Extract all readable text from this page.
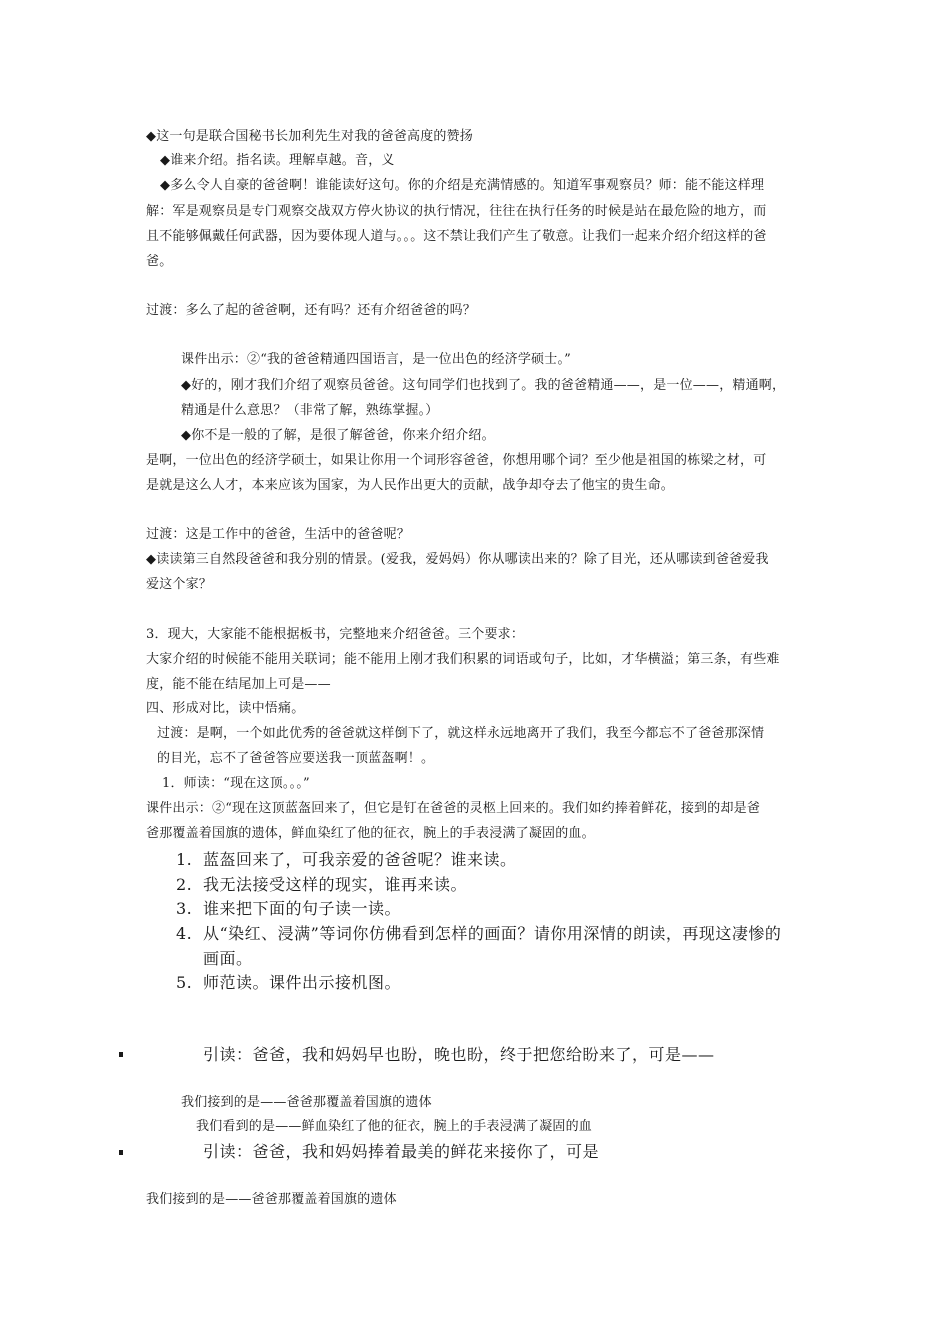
◆这一句是联合国秘书长加利先生对我的爸爸高度的赞扬
◆谁来介绍。指名读。理解卓越。音，义
◆多么令人自豪的爸爸啊！谁能读好这句。你的介绍是充满情感的。知道军事观察员？师：能不能这样理
解：军是观察员是专门观察交战双方停火协议的执行情况，往往在执行任务的时候是站在最危险的地方，而
且不能够佩戴任何武器，因为要体现人道与。。。这不禁让我们产生了敬意。让我们一起来介绍介绍这样的爸
爸。
过渡：多么了起的爸爸啊，还有吗？还有介绍爸爸的吗？
课件出示：②“我的爸爸精通四国语言，是一位出色的经济学硕士。”
◆好的，刚才我们介绍了观察员爸爸。这句同学们也找到了。我的爸爸精通——，是一位——，精通啊，
精通是什么意思？（非常了解，熟练掌握。）
◆你不是一般的了解，是很了解爸爸，你来介绍介绍。
是啊，一位出色的经济学硕士，如果让你用一个词形容爸爸，你想用哪个词？至少他是祖国的栋梁之材，可
是就是这么人才，本来应该为国家，为人民作出更大的贡献，战争却夺去了他宝的贵生命。
过渡：这是工作中的爸爸，生活中的爸爸呢？
◆读读第三自然段爸爸和我分别的情景。(爱我，爱妈妈）你从哪读出来的？除了目光，还从哪读到爸爸爱我
爱这个家？
3．现大，大家能不能根据板书，完整地来介绍爸爸。三个要求：
大家介绍的时候能不能用关联词；能不能用上刚才我们积累的词语或句子，比如，才华横溢；第三条，有些难
度，能不能在结尾加上可是——
四、形成对比，读中悟痛。
过渡：是啊，一个如此优秀的爸爸就这样倒下了，就这样永远地离开了我们，我至今都忘不了爸爸那深情
的目光，忘不了爸爸答应要送我一顶蓝盔啊！。
1．师读：“现在这顶。。。”
课件出示：②“现在这顶蓝盔回来了，但它是钉在爸爸的灵柩上回来的。我们如约捧着鲜花，接到的却是爸
爸那覆盖着国旗的遗体，鲜血染红了他的征衣，腕上的手表浸满了凝固的血。
1. 蓝盔回来了，可我亲爱的爸爸呢？谁来读。
2. 我无法接受这样的现实，谁再来读。
3. 谁来把下面的句子读一读。
4. 从“染红、浸满”等词你仿佛看到怎样的画面？请你用深情的朗读，再现这凄惨的
画面。
5. 师范读。课件出示接机图。
引读：爸爸，我和妈妈早也盼，晚也盼，终于把您给盼来了，可是——
我们接到的是——爸爸那覆盖着国旗的遗体
我们看到的是——鲜血染红了他的征衣，腕上的手表浸满了凝固的血
引读：爸爸，我和妈妈捧着最美的鲜花来接你了，可是
我们接到的是——爸爸那覆盖着国旗的遗体
